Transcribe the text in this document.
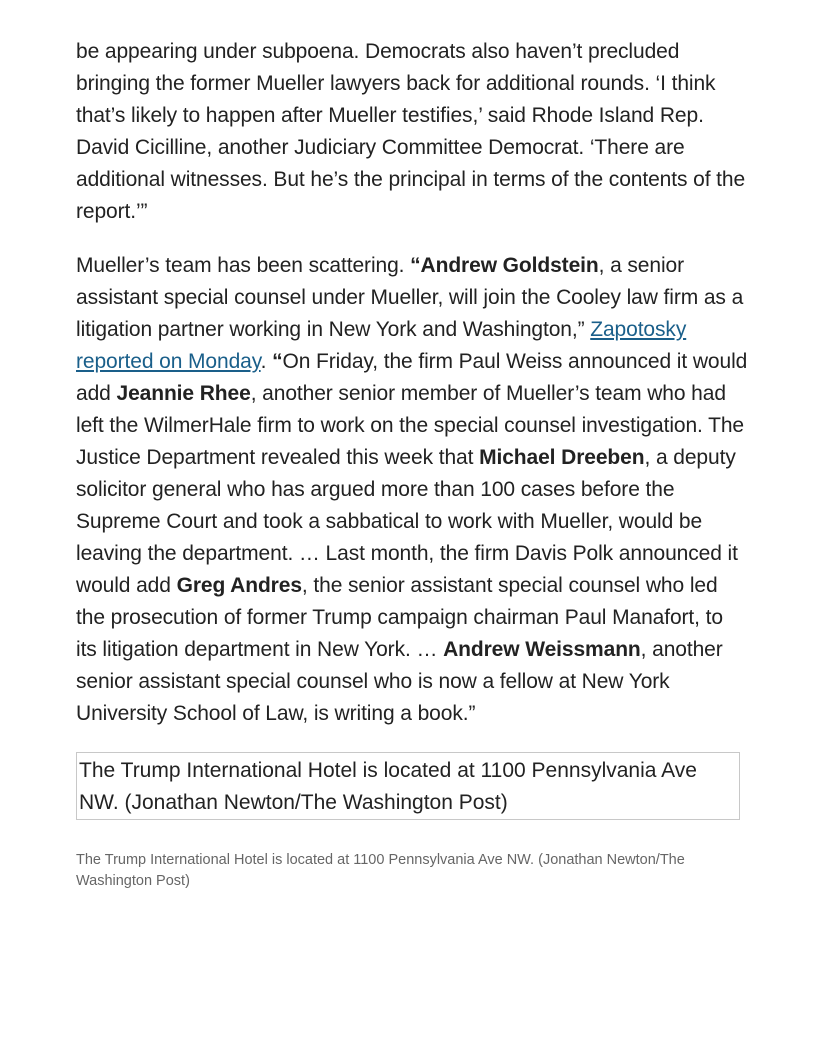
be appearing under subpoena. Democrats also haven’t precluded bringing the former Mueller lawyers back for additional rounds. ‘I think that’s likely to happen after Mueller testifies,’ said Rhode Island Rep. David Cicilline, another Judiciary Committee Democrat. ‘There are additional witnesses. But he’s the principal in terms of the contents of the report.’”

Mueller’s team has been scattering. “Andrew Goldstein, a senior assistant special counsel under Mueller, will join the Cooley law firm as a litigation partner working in New York and Washington,” Zapotosky reported on Monday. “On Friday, the firm Paul Weiss announced it would add Jeannie Rhee, another senior member of Mueller’s team who had left the WilmerHale firm to work on the special counsel investigation. The Justice Department revealed this week that Michael Dreeben, a deputy solicitor general who has argued more than 100 cases before the Supreme Court and took a sabbatical to work with Mueller, would be leaving the department. … Last month, the firm Davis Polk announced it would add Greg Andres, the senior assistant special counsel who led the prosecution of former Trump campaign chairman Paul Manafort, to its litigation department in New York. … Andrew Weissmann, another senior assistant special counsel who is now a fellow at New York University School of Law, is writing a book.”

The Trump International Hotel is located at 1100 Pennsylvania Ave NW. (Jonathan Newton/The Washington Post)
The Trump International Hotel is located at 1100 Pennsylvania Ave NW. (Jonathan Newton/The Washington Post)
